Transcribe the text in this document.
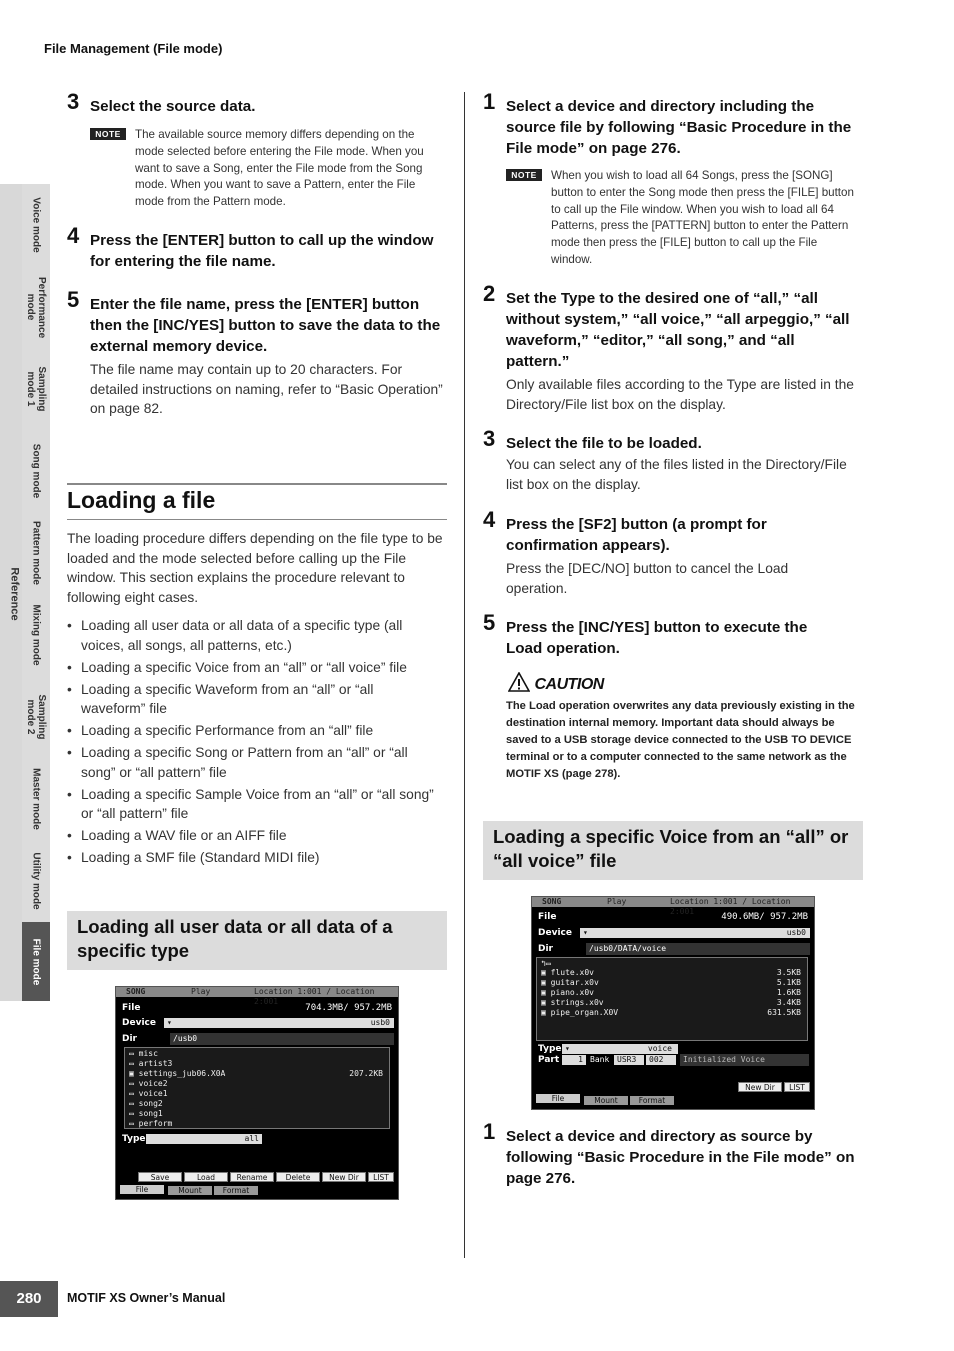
File Management (File mode)
Voice mode
Performance mode
Sampling mode 1
Song mode
Pattern mode
Mixing mode
Sampling mode 2
Master mode
Utility mode
File mode
Reference
3 Select the source data.
NOTE	The available source memory differs depending on the mode selected before entering the File mode. When you want to save a Song, enter the File mode from the Song mode. When you want to save a Pattern, enter the File mode from the Pattern mode.
4 Press the [ENTER] button to call up the window for entering the file name.
5 Enter the file name, press the [ENTER] button then the [INC/YES] button to save the data to the external memory device.
The file name may contain up to 20 characters. For detailed instructions on naming, refer to “Basic Operation” on page 82.
Loading a file
The loading procedure differs depending on the file type to be loaded and the mode selected before calling up the File window. This section explains the procedure relevant to following eight cases.
• Loading all user data or all data of a specific type (all voices, all songs, all patterns, etc.)
• Loading a specific Voice from an “all” or “all voice” file
• Loading a specific Waveform from an “all” or “all waveform” file
• Loading a specific Performance from an “all” file
• Loading a specific Song or Pattern from an “all” or “all song” or “all pattern” file
• Loading a specific Sample Voice from an “all” or “all song” or “all pattern” file
• Loading a WAV file or an AIFF file
• Loading a SMF file (Standard MIDI file)
Loading all user data or all data of a specific type
SONG	Play	Location 1:001 / Location 2:001
File	704.3MB/ 957.2MB
Device	▾	usb0
Dir	/usb0
▭ misc
▭ artist3
▣ settings_jub06.X0A	207.2KB
▭ voice2
▭ voice1
▭ song2
▭ song1
▭ perform
Type	all
Save	Load	Rename	Delete	New Dir	LIST
File	Mount	Format
1 Select a device and directory including the source file by following “Basic Procedure in the File mode” on page 276.
NOTE	When you wish to load all 64 Songs, press the [SONG] button to enter the Song mode then press the [FILE] button to call up the File window. When you wish to load all 64 Patterns, press the [PATTERN] button to enter the Pattern mode then press the [FILE] button to call up the File window.
2 Set the Type to the desired one of “all,” “all without system,” “all voice,” “all arpeggio,” “all waveform,” “editor,” “all song,” and “all pattern.”
Only available files according to the Type are listed in the Directory/File list box on the display.
3 Select the file to be loaded.
You can select any of the files listed in the Directory/File list box on the display.
4 Press the [SF2] button (a prompt for confirmation appears).
Press the [DEC/NO] button to cancel the Load operation.
5 Press the [INC/YES] button to execute the Load operation.
CAUTION
The Load operation overwrites any data previously existing in the destination internal memory. Important data should always be saved to a USB storage device connected to the USB TO DEVICE terminal or to a computer connected to the same network as the MOTIF XS (page 278).
Loading a specific Voice from an “all” or “all voice” file
SONG	Play	Location 1:001 / Location 2:001
File	490.6MB/ 957.2MB
Device	▾	usb0
Dir	/usb0/DATA/voice
↰▭
▣ flute.x0v	3.5KB
▣ guitar.x0v	5.1KB
▣ piano.x0v	1.6KB
▣ strings.x0v	3.4KB
▣ pipe_organ.X0V	631.5KB
Type ▾	voice
Part	1 Bank USR3	002	Initialized Voice
New Dir	LIST
File	Mount	Format
1 Select a device and directory as source by following “Basic Procedure in the File mode” on page 276.
280	MOTIF XS Owner’s Manual
